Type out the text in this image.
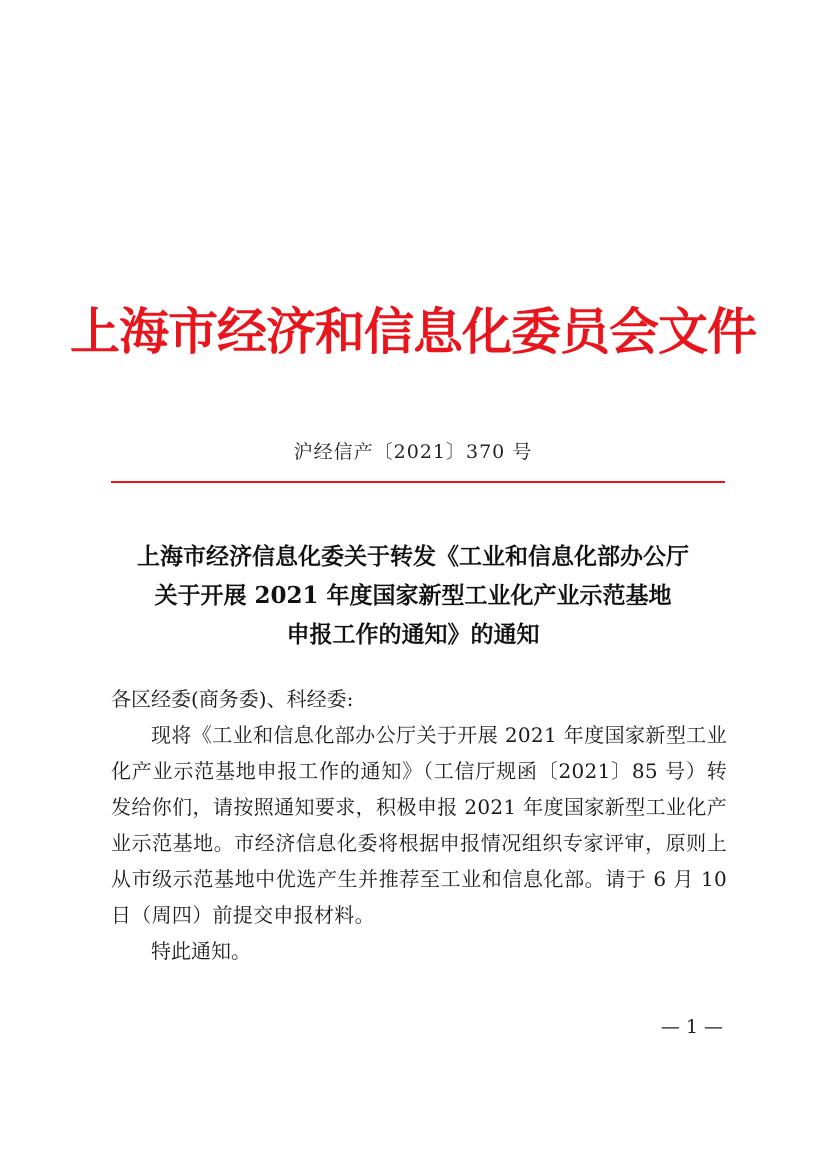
上海市经济和信息化委员会文件
沪经信产〔2021〕370 号
上海市经济信息化委关于转发《工业和信息化部办公厅
关于开展 2021 年度国家新型工业化产业示范基地
申报工作的通知》的通知

各区经委(商务委)、科经委:

现将《工业和信息化部办公厅关于开展 2021 年度国家新型工业化产业示范基地申报工作的通知》（工信厅规函〔2021〕85 号）转发给你们，请按照通知要求，积极申报 2021 年度国家新型工业化产业示范基地。市经济信息化委将根据申报情况组织专家评审，原则上从市级示范基地中优选产生并推荐至工业和信息化部。请于 6 月 10 日（周四）前提交申报材料。

特此通知。

— 1 —
